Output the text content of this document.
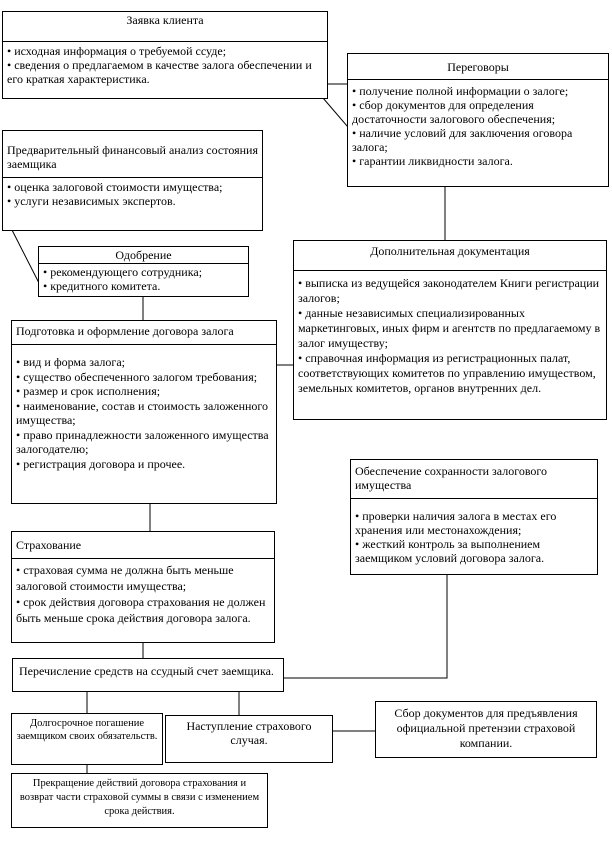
Заявка клиента
• исходная информация о требуемой ссуде;
• сведения о предлагаемом в качестве залога обеспечении и его краткая характеристика.
Переговоры
• получение полной информации о залоге;
• сбор документов для определения достаточности залогового обеспечения;
• наличие условий для заключения оговора залога;
• гарантии ликвидности залога.
Предварительный финансовый анализ состояния заемщика
• оценка залоговой стоимости имущества;
• услуги независимых экспертов.
Одобрение
• рекомендующего сотрудника;
• кредитного комитета.
Дополнительная документация
• выписка из ведущейся законодателем Книги регистрации залогов;
• данные независимых специализированных маркетинговых, иных фирм и агентств по предлагаемому в залог имуществу;
• справочная информация из регистрационных палат, соответствующих комитетов по управлению имуществом, земельных комитетов, органов внутренних дел.
Подготовка и оформление договора залога
• вид и форма залога;
• существо обеспеченного залогом требования;
• размер и срок исполнения;
• наименование, состав и стоимость заложенного имущества;
• право принадлежности заложенного имущества залогодателю;
• регистрация договора и прочее.
Обеспечение сохранности залогового имущества
• проверки наличия залога в местах его хранения или местонахождения;
• жесткий контроль за выполнением заемщиком условий договора залога.
Страхование
• страховая сумма не должна быть меньше залоговой стоимости имущества;
• срок действия договора страхования не должен быть меньше срока действия договора залога.
Перечисление средств на ссудный счет заемщика.
Долгосрочное погашение заемщиком своих обязательств.
Наступление страхового случая.
Сбор документов для предъявления официальной претензии страховой компании.
Прекращение действий договора страхования и возврат части страховой суммы в связи с изменением срока действия.
